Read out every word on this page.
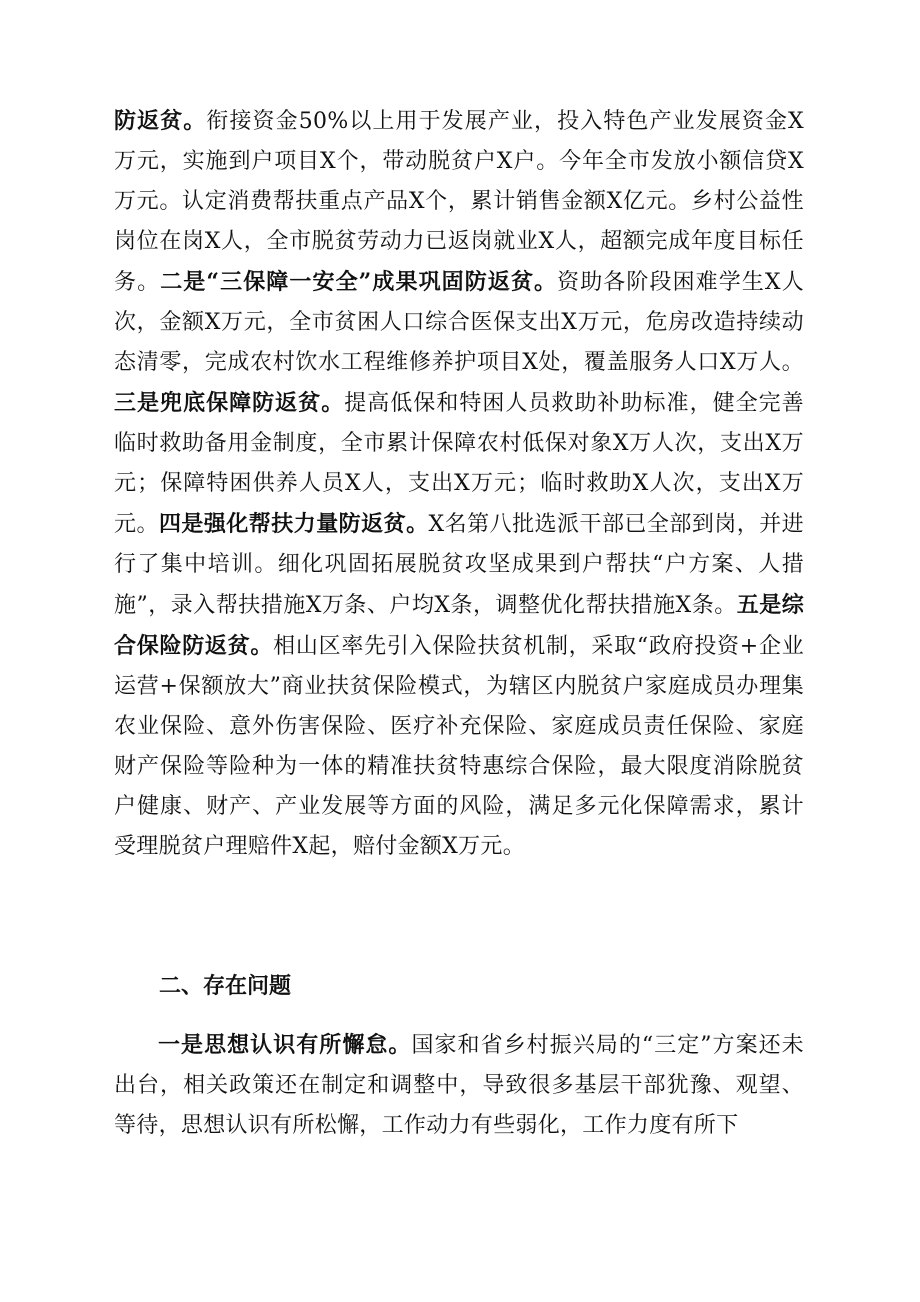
防返贫。衔接资金50%以上用于发展产业，投入特色产业发展资金X万元，实施到户项目X个，带动脱贫户X户。今年全市发放小额信贷X万元。认定消费帮扶重点产品X个，累计销售金额X亿元。乡村公益性岗位在岗X人，全市脱贫劳动力已返岗就业X人，超额完成年度目标任务。二是“三保障一安全”成果巩固防返贫。资助各阶段困难学生X人次，金额X万元，全市贫困人口综合医保支出X万元，危房改造持续动态清零，完成农村饮水工程维修养护项目X处，覆盖服务人口X万人。三是兜底保障防返贫。提高低保和特困人员救助补助标准，健全完善临时救助备用金制度，全市累计保障农村低保对象X万人次，支出X万元；保障特困供养人员X人，支出X万元；临时救助X人次，支出X万元。四是强化帮扶力量防返贫。X名第八批选派干部已全部到岗，并进行了集中培训。细化巩固拓展脱贫攻坚成果到户帮扶“户方案、人措施”，录入帮扶措施X万条、户均X条，调整优化帮扶措施X条。五是综合保险防返贫。相山区率先引入保险扶贫机制，采取“政府投资+企业运营+保额放大”商业扶贫保险模式，为辖区内脱贫户家庭成员办理集农业保险、意外伤害保险、医疗补充保险、家庭成员责任保险、家庭财产保险等险种为一体的精准扶贫特惠综合保险，最大限度消除脱贫户健康、财产、产业发展等方面的风险，满足多元化保障需求，累计受理脱贫户理赔件X起，赔付金额X万元。
二、存在问题
一是思想认识有所懈怠。国家和省乡村振兴局的“三定”方案还未出台，相关政策还在制定和调整中，导致很多基层干部犹豫、观望、等待，思想认识有所松懈，工作动力有些弱化，工作力度有所下
